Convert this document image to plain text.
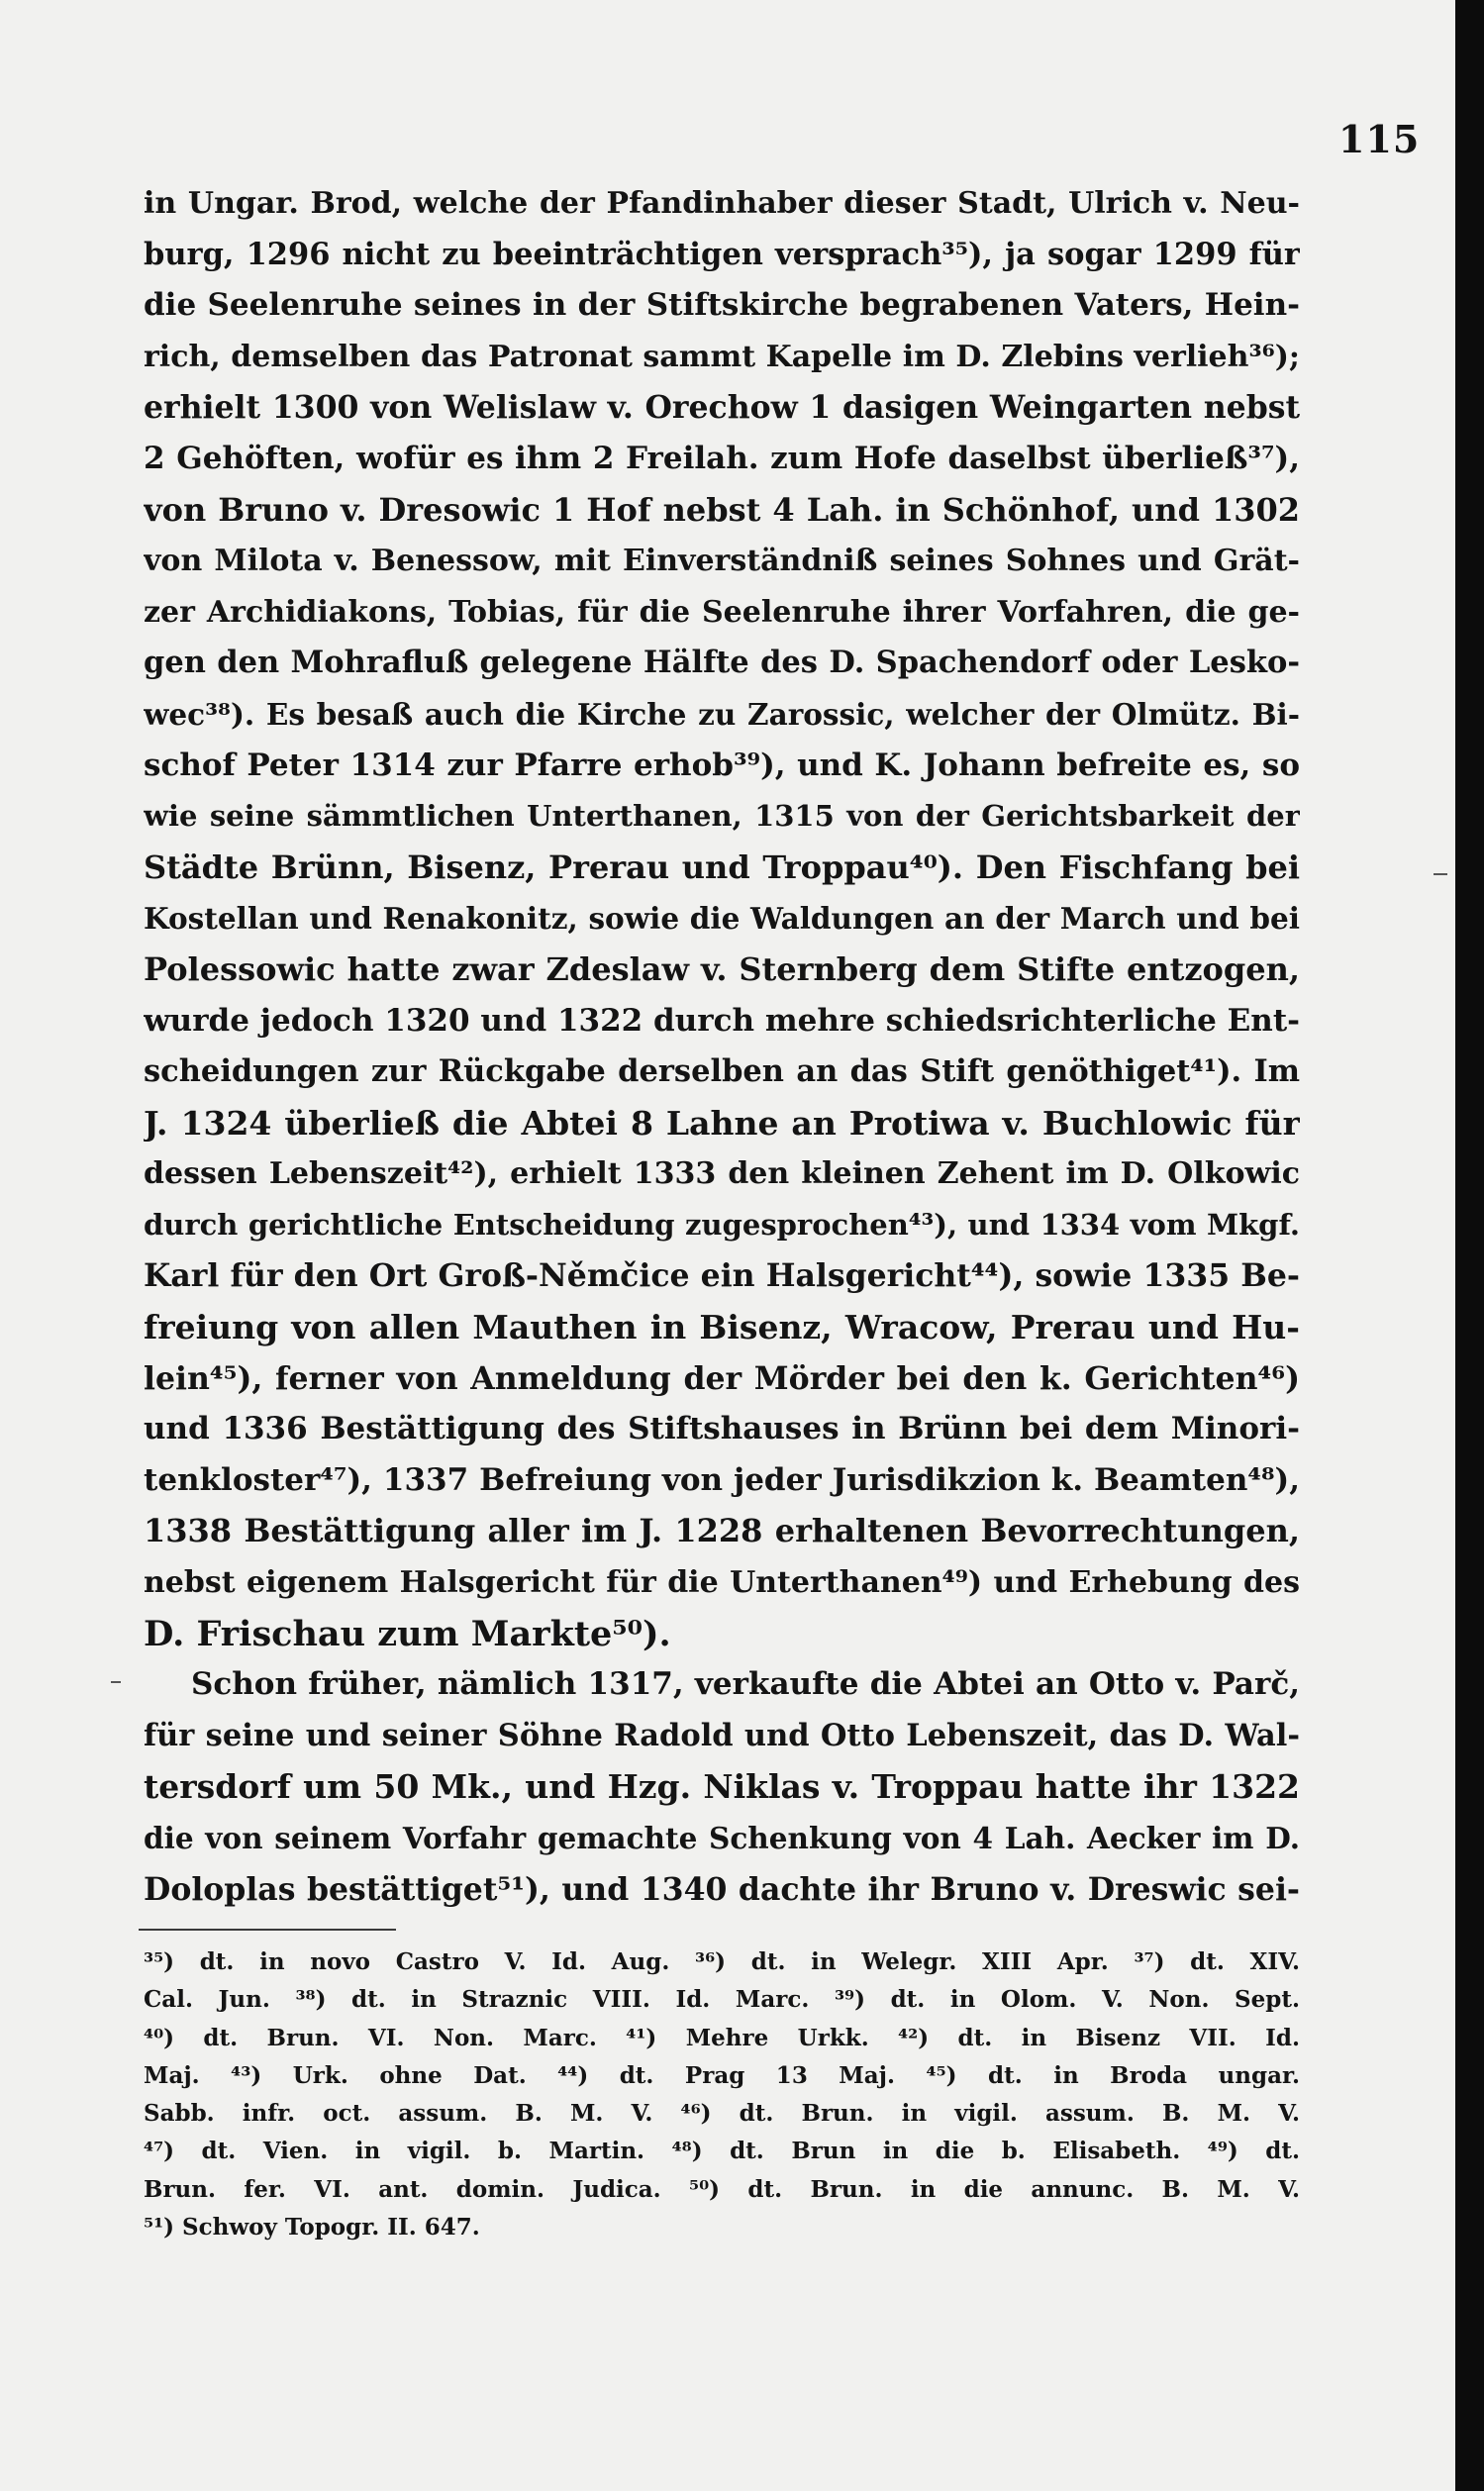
115
in Ungar. Brod, welche der Pfandinhaber dieser Stadt, Ulrich v. Neu-
burg, 1296 nicht zu beeinträchtigen versprach³⁵), ja sogar 1299 für
die Seelenruhe seines in der Stiftskirche begrabenen Vaters, Hein-
rich, demselben das Patronat sammt Kapelle im D. Zlebins verlieh³⁶);
erhielt 1300 von Welislaw v. Orechow 1 dasigen Weingarten nebst
2 Gehöften, wofür es ihm 2 Freilah. zum Hofe daselbst überließ³⁷),
von Bruno v. Dresowic 1 Hof nebst 4 Lah. in Schönhof, und 1302
von Milota v. Benessow, mit Einverständniß seines Sohnes und Grät-
zer Archidiakons, Tobias, für die Seelenruhe ihrer Vorfahren, die ge-
gen den Mohrafluß gelegene Hälfte des D. Spachendorf oder Lesko-
wec³⁸). Es besaß auch die Kirche zu Zarossic, welcher der Olmütz. Bi-
schof Peter 1314 zur Pfarre erhob³⁹), und K. Johann befreite es, so
wie seine sämmtlichen Unterthanen, 1315 von der Gerichtsbarkeit der
Städte Brünn, Bisenz, Prerau und Troppau⁴⁰). Den Fischfang bei
Kostellan und Renakonitz, sowie die Waldungen an der March und bei
Polessowic hatte zwar Zdeslaw v. Sternberg dem Stifte entzogen,
wurde jedoch 1320 und 1322 durch mehre schiedsrichterliche Ent-
scheidungen zur Rückgabe derselben an das Stift genöthiget⁴¹). Im
J. 1324 überließ die Abtei 8 Lahne an Protiwa v. Buchlowic für
dessen Lebenszeit⁴²), erhielt 1333 den kleinen Zehent im D. Olkowic
durch gerichtliche Entscheidung zugesprochen⁴³), und 1334 vom Mkgf.
Karl für den Ort Groß-Němčice ein Halsgericht⁴⁴), sowie 1335 Be-
freiung von allen Mauthen in Bisenz, Wracow, Prerau und Hu-
lein⁴⁵), ferner von Anmeldung der Mörder bei den k. Gerichten⁴⁶)
und 1336 Bestättigung des Stiftshauses in Brünn bei dem Minori-
tenkloster⁴⁷), 1337 Befreiung von jeder Jurisdikzion k. Beamten⁴⁸),
1338 Bestättigung aller im J. 1228 erhaltenen Bevorrechtungen,
nebst eigenem Halsgericht für die Unterthanen⁴⁹) und Erhebung des
D. Frischau zum Markte⁵⁰).
Schon früher, nämlich 1317, verkaufte die Abtei an Otto v. Parč,
für seine und seiner Söhne Radold und Otto Lebenszeit, das D. Wal-
tersdorf um 50 Mk., und Hzg. Niklas v. Troppau hatte ihr 1322
die von seinem Vorfahr gemachte Schenkung von 4 Lah. Aecker im D.
Doloplas bestättiget⁵¹), und 1340 dachte ihr Bruno v. Dreswic sei-
³⁵) dt. in novo Castro V. Id. Aug. ³⁶) dt. in Welegr. XIII Apr. ³⁷) dt. XIV.
Cal. Jun. ³⁸) dt. in Straznic VIII. Id. Marc. ³⁹) dt. in Olom. V. Non. Sept.
⁴⁰) dt. Brun. VI. Non. Marc. ⁴¹) Mehre Urkk. ⁴²) dt. in Bisenz VII. Id.
Maj. ⁴³) Urk. ohne Dat. ⁴⁴) dt. Prag 13 Maj. ⁴⁵) dt. in Broda ungar.
Sabb. infr. oct. assum. B. M. V. ⁴⁶) dt. Brun. in vigil. assum. B. M. V.
⁴⁷) dt. Vien. in vigil. b. Martin. ⁴⁸) dt. Brun in die b. Elisabeth. ⁴⁹) dt.
Brun. fer. VI. ant. domin. Judica. ⁵⁰) dt. Brun. in die annunc. B. M. V.
⁵¹) Schwoy Topogr. II. 647.
